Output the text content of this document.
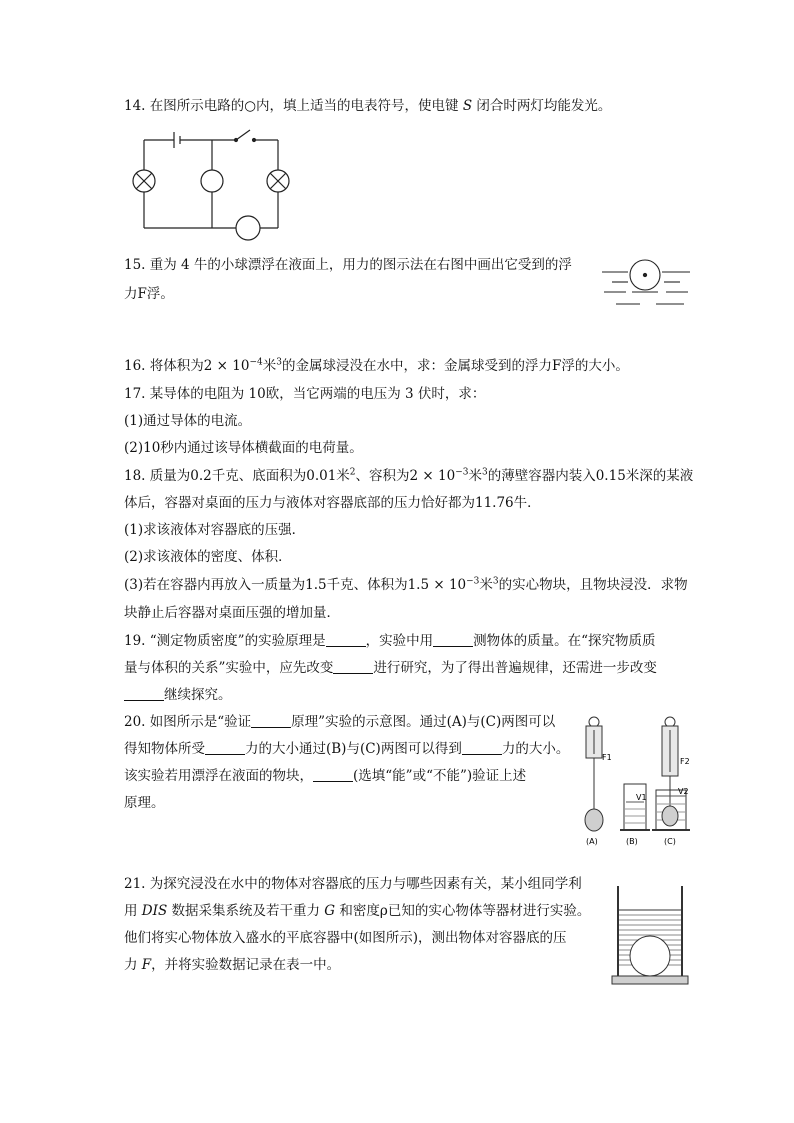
14. 在图所示电路的○内，填上适当的电表符号，使电键 S 闭合时两灯均能发光。
15. 重为 4 牛的小球漂浮在液面上，用力的图示法在右图中画出它受到的浮
力F浮。
16. 将体积为$2 \times 10^{-4}$米$^3$的金属球浸没在水中，求：金属球受到的浮力F浮的大小。
17. 某导体的电阻为 10欧，当它两端的电压为 3 伏时，求：
(1)通过导体的电流。
(2)10秒内通过该导体横截面的电荷量。
18. 质量为0.2千克、底面积为0.01米$^2$、容积为$2 \times 10^{-3}$米$^3$的薄壁容器内装入0.15米深的某液
体后，容器对桌面的压力与液体对容器底部的压力恰好都为11.76牛．
(1)求该液体对容器底的压强．
(2)求该液体的密度、体积．
(3)若在容器内再放入一质量为1.5千克、体积为$1.5 \times 10^{-3}$米$^3$的实心物块，且物块浸没．求物
块静止后容器对桌面压强的增加量．
19. “测定物质密度”的实验原理是	，实验中用	测物体的质量。在“探究物质质
量与体积的关系”实验中，应先改变	进行研究，为了得出普遍规律，还需进一步改变
继续探究。
20. 如图所示是“验证	原理”实验的示意图。通过(A)与(C)两图可以
得知物体所受	力的大小通过(B)与(C)两图可以得到	力的大小。
该实验若用漂浮在液面的物块，	(选填“能”或“不能”)验证上述
原理。
F1	F2
V1
V2
(A)	(B)	(C)
21. 为探究浸没在水中的物体对容器底的压力与哪些因素有关，某小组同学利
用 DIS 数据采集系统及若干重力 G 和密度ρ已知的实心物体等器材进行实验。
他们将实心物体放入盛水的平底容器中(如图所示)，测出物体对容器底的压
力 F，并将实验数据记录在表一中。
